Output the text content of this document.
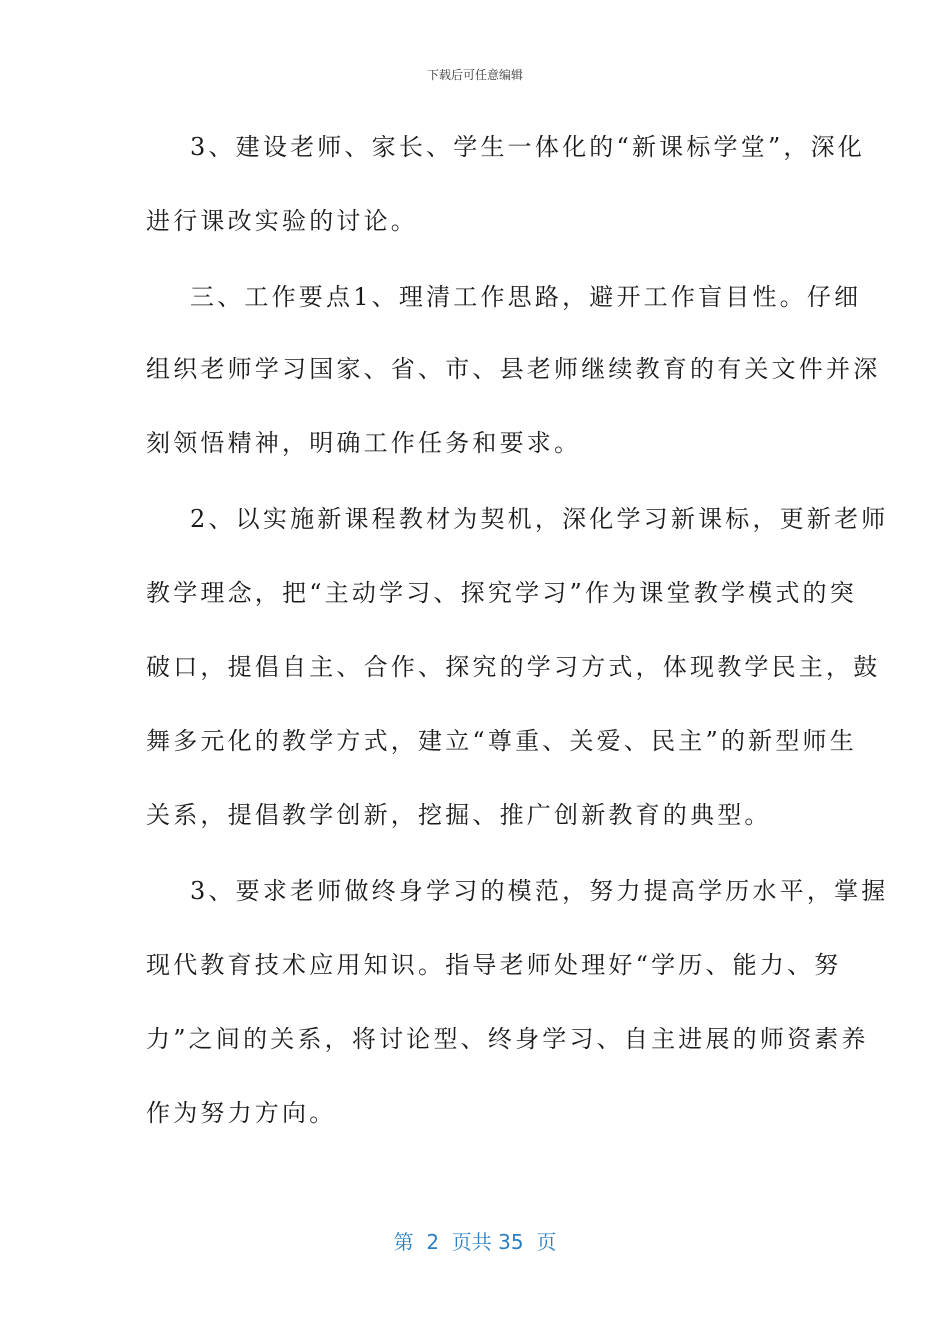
下载后可任意编辑
3、建设老师、家长、学生一体化的“新课标学堂”，深化
进行课改实验的讨论。
三、工作要点1、理清工作思路，避开工作盲目性。仔细
组织老师学习国家、省、市、县老师继续教育的有关文件并深
刻领悟精神，明确工作任务和要求。
2、以实施新课程教材为契机，深化学习新课标，更新老师
教学理念，把“主动学习、探究学习”作为课堂教学模式的突
破口，提倡自主、合作、探究的学习方式，体现教学民主，鼓
舞多元化的教学方式，建立“尊重、关爱、民主”的新型师生
关系，提倡教学创新，挖掘、推广创新教育的典型。
3、要求老师做终身学习的模范，努力提高学历水平，掌握
现代教育技术应用知识。指导老师处理好“学历、能力、努
力”之间的关系，将讨论型、终身学习、自主进展的师资素养
作为努力方向。
第  2  页共 35  页
